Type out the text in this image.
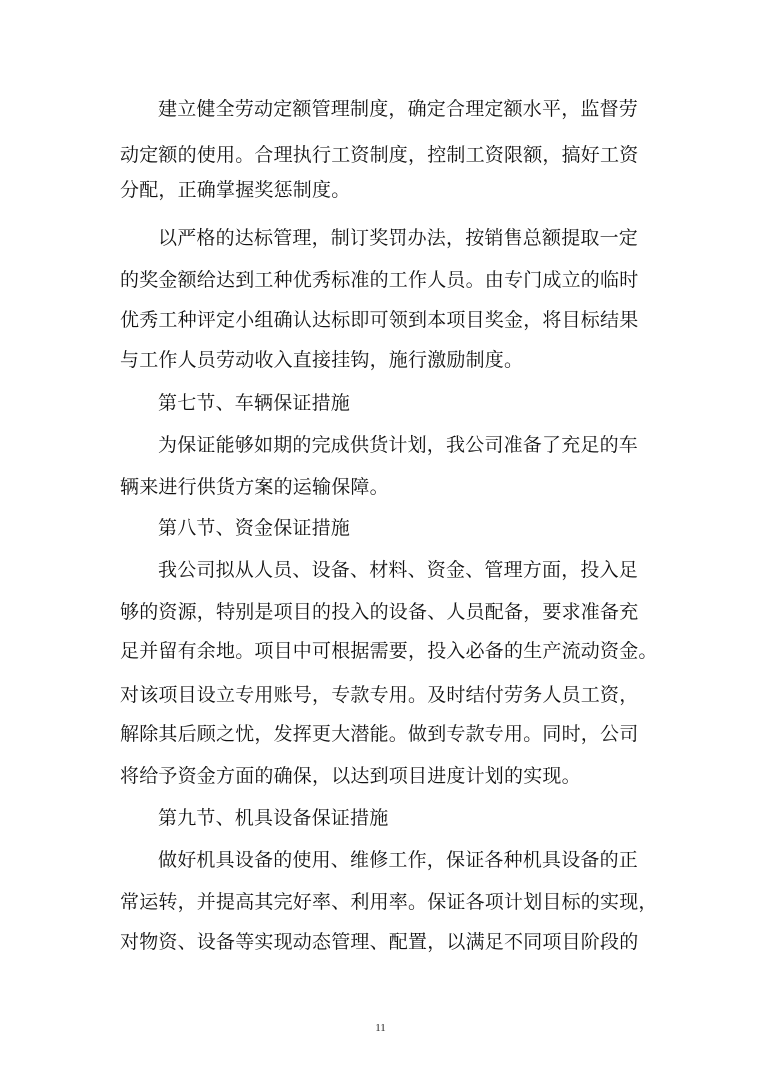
建立健全劳动定额管理制度，确定合理定额水平，监督劳
动定额的使用。合理执行工资制度，控制工资限额，搞好工资
分配，正确掌握奖惩制度。
以严格的达标管理，制订奖罚办法，按销售总额提取一定
的奖金额给达到工种优秀标准的工作人员。由专门成立的临时
优秀工种评定小组确认达标即可领到本项目奖金，将目标结果
与工作人员劳动收入直接挂钩，施行激励制度。
第七节、车辆保证措施
为保证能够如期的完成供货计划，我公司准备了充足的车
辆来进行供货方案的运输保障。
第八节、资金保证措施
我公司拟从人员、设备、材料、资金、管理方面，投入足
够的资源，特别是项目的投入的设备、人员配备，要求准备充
足并留有余地。项目中可根据需要，投入必备的生产流动资金。
对该项目设立专用账号，专款专用。及时结付劳务人员工资，
解除其后顾之忧，发挥更大潜能。做到专款专用。同时，公司
将给予资金方面的确保，以达到项目进度计划的实现。
第九节、机具设备保证措施
做好机具设备的使用、维修工作，保证各种机具设备的正
常运转，并提高其完好率、利用率。保证各项计划目标的实现，
对物资、设备等实现动态管理、配置，以满足不同项目阶段的
11
